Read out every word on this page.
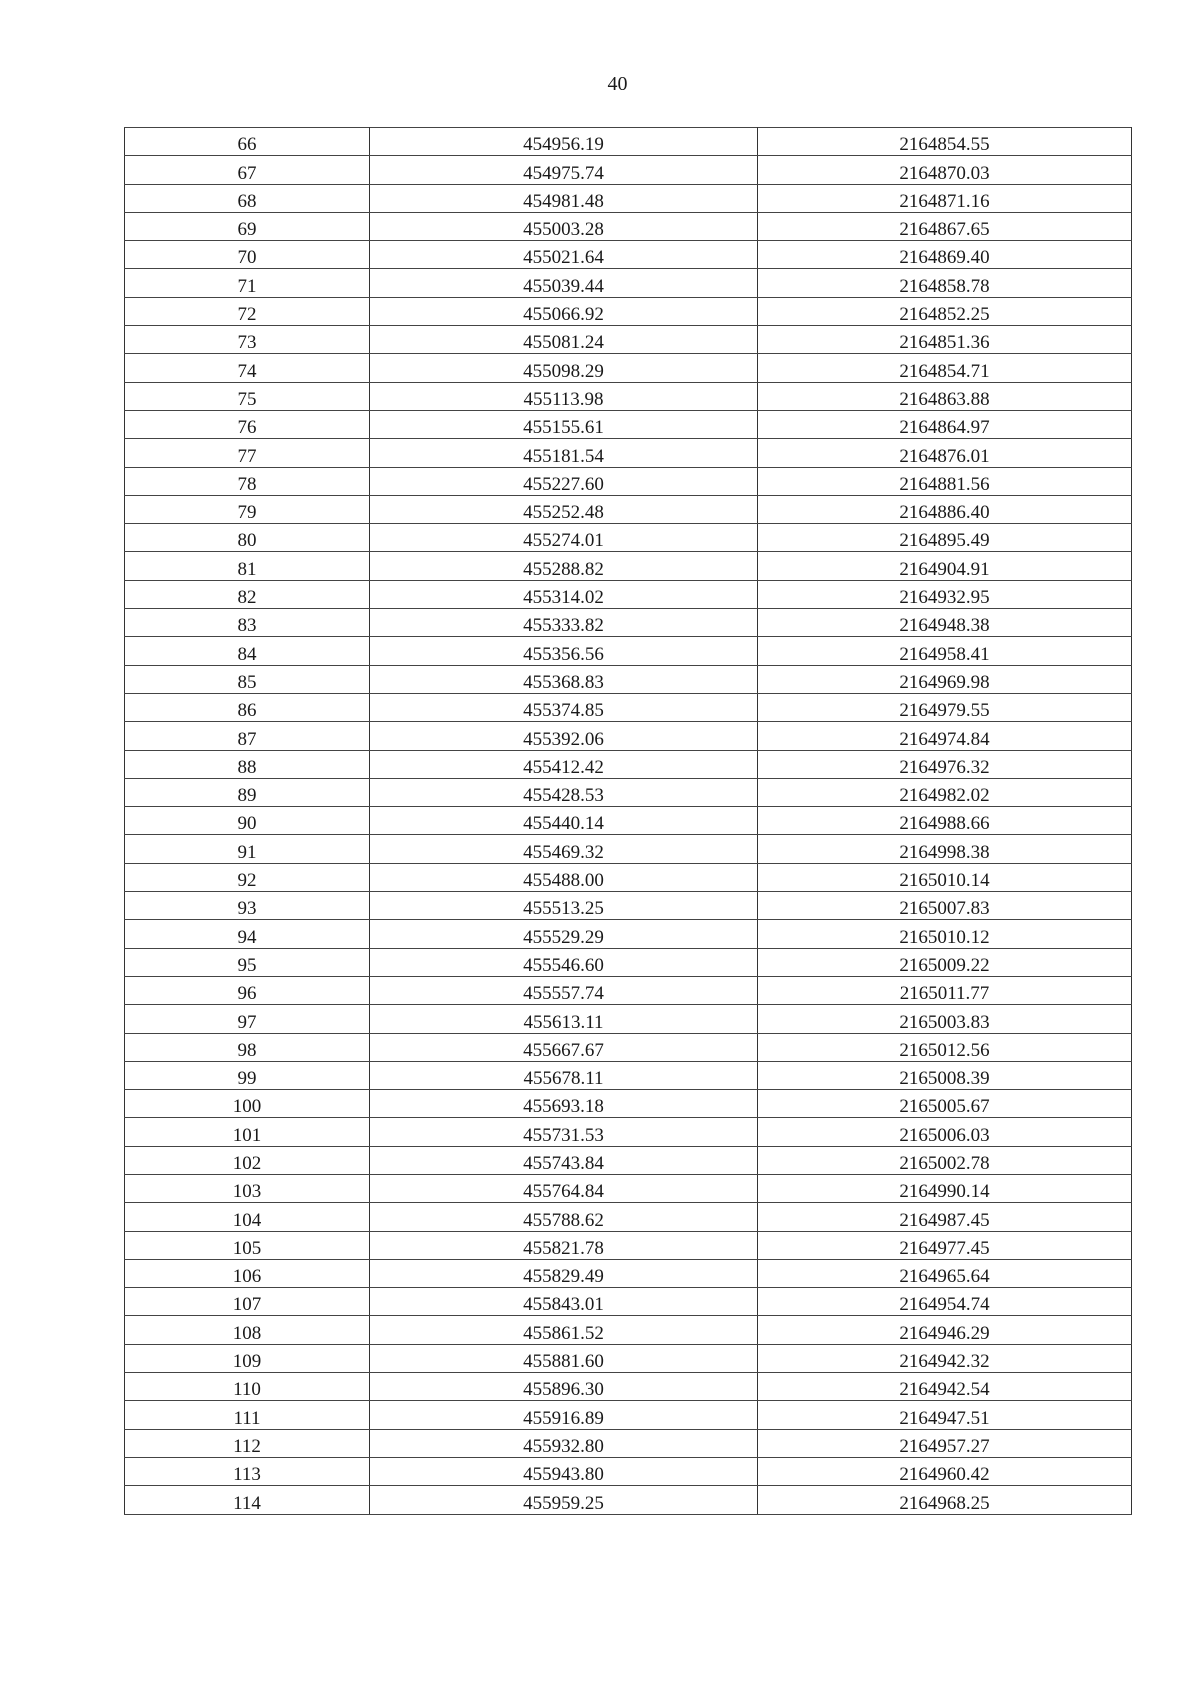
40
66	454956.19	2164854.55
67	454975.74	2164870.03
68	454981.48	2164871.16
69	455003.28	2164867.65
70	455021.64	2164869.40
71	455039.44	2164858.78
72	455066.92	2164852.25
73	455081.24	2164851.36
74	455098.29	2164854.71
75	455113.98	2164863.88
76	455155.61	2164864.97
77	455181.54	2164876.01
78	455227.60	2164881.56
79	455252.48	2164886.40
80	455274.01	2164895.49
81	455288.82	2164904.91
82	455314.02	2164932.95
83	455333.82	2164948.38
84	455356.56	2164958.41
85	455368.83	2164969.98
86	455374.85	2164979.55
87	455392.06	2164974.84
88	455412.42	2164976.32
89	455428.53	2164982.02
90	455440.14	2164988.66
91	455469.32	2164998.38
92	455488.00	2165010.14
93	455513.25	2165007.83
94	455529.29	2165010.12
95	455546.60	2165009.22
96	455557.74	2165011.77
97	455613.11	2165003.83
98	455667.67	2165012.56
99	455678.11	2165008.39
100	455693.18	2165005.67
101	455731.53	2165006.03
102	455743.84	2165002.78
103	455764.84	2164990.14
104	455788.62	2164987.45
105	455821.78	2164977.45
106	455829.49	2164965.64
107	455843.01	2164954.74
108	455861.52	2164946.29
109	455881.60	2164942.32
110	455896.30	2164942.54
111	455916.89	2164947.51
112	455932.80	2164957.27
113	455943.80	2164960.42
114	455959.25	2164968.25
